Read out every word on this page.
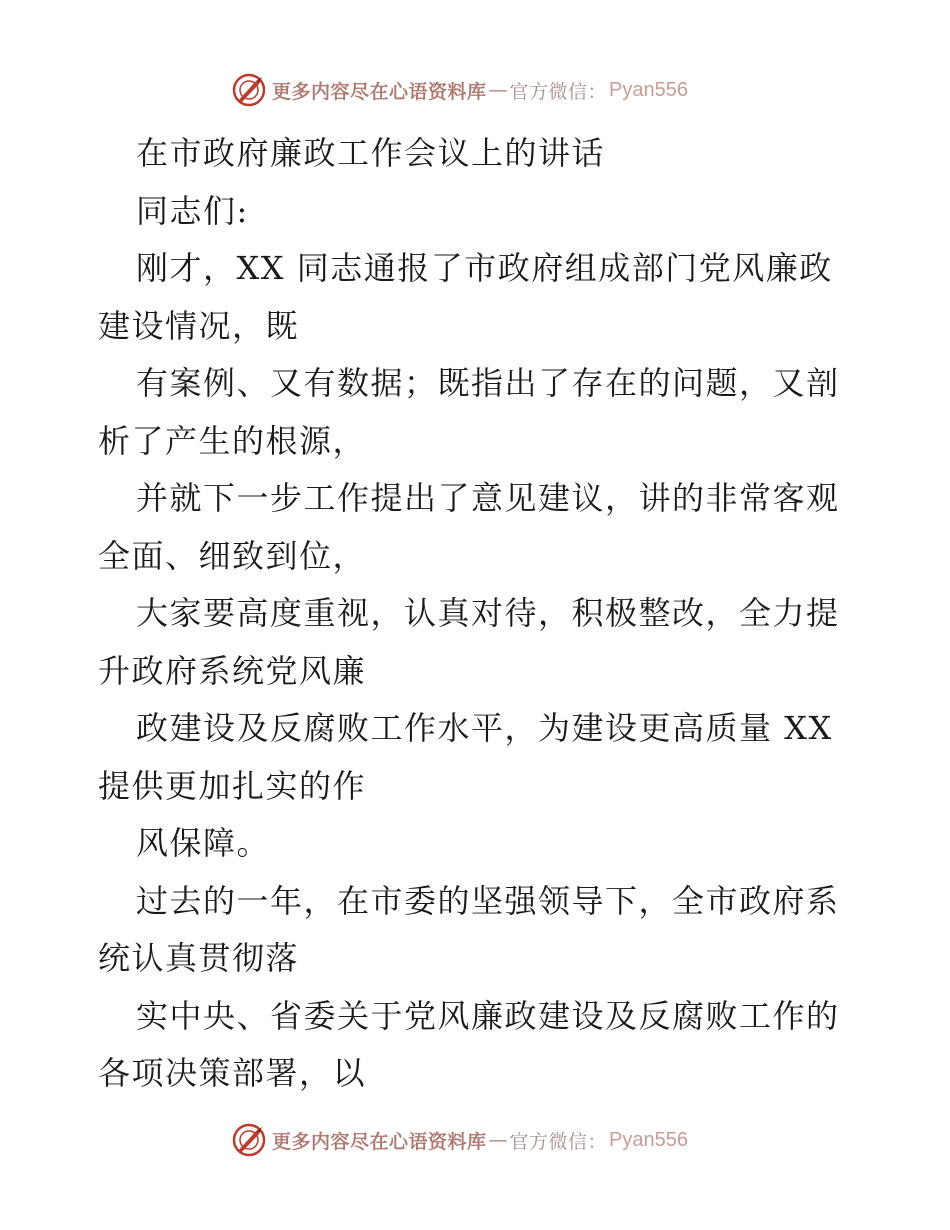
更多内容尽在心语资料库 — 官方微信： Pyan556
在市政府廉政工作会议上的讲话
同志们:
刚才，XX 同志通报了市政府组成部门党风廉政
建设情况，既
有案例、又有数据；既指出了存在的问题，又剖
析了产生的根源，
并就下一步工作提出了意见建议，讲的非常客观
全面、细致到位，
大家要高度重视，认真对待，积极整改，全力提
升政府系统党风廉
政建设及反腐败工作水平，为建设更高质量 XX
提供更加扎实的作
风保障。
过去的一年，在市委的坚强领导下，全市政府系
统认真贯彻落
实中央、省委关于党风廉政建设及反腐败工作的
各项决策部署，以
更多内容尽在心语资料库 — 官方微信： Pyan556
